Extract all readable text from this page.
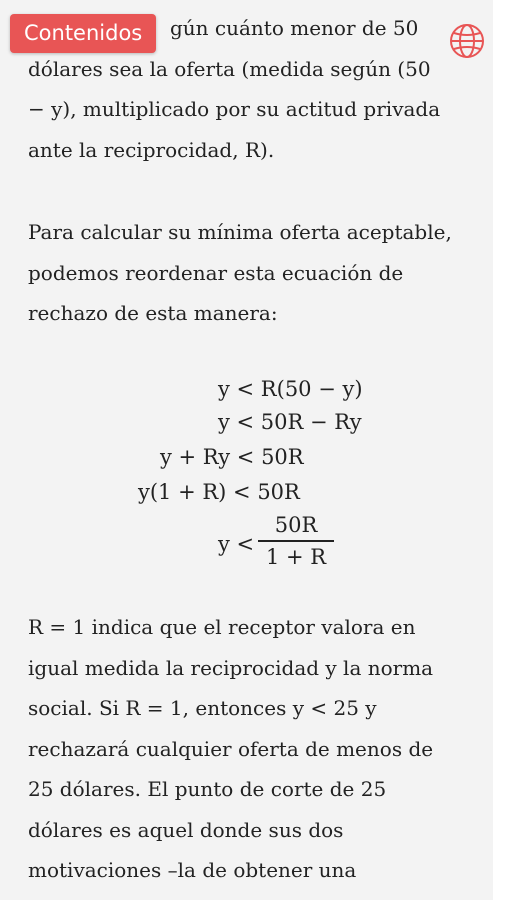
gún cuánto menor de 50
dólares sea la oferta (medida según (50
− y), multiplicado por su actitud privada
ante la reciprocidad, R).
Para calcular su mínima oferta aceptable,
podemos reordenar esta ecuación de
rechazo de esta manera:
y < R(50 − y)
y < 50R − Ry
y + Ry < 50R
y(1 + R) < 50R
y <
50R
1 + R
R = 1 indica que el receptor valora en
igual medida la reciprocidad y la norma
social. Si R = 1, entonces y < 25 y
rechazará cualquier oferta de menos de
25 dólares. El punto de corte de 25
dólares es aquel donde sus dos
motivaciones –la de obtener una
Contenidos
